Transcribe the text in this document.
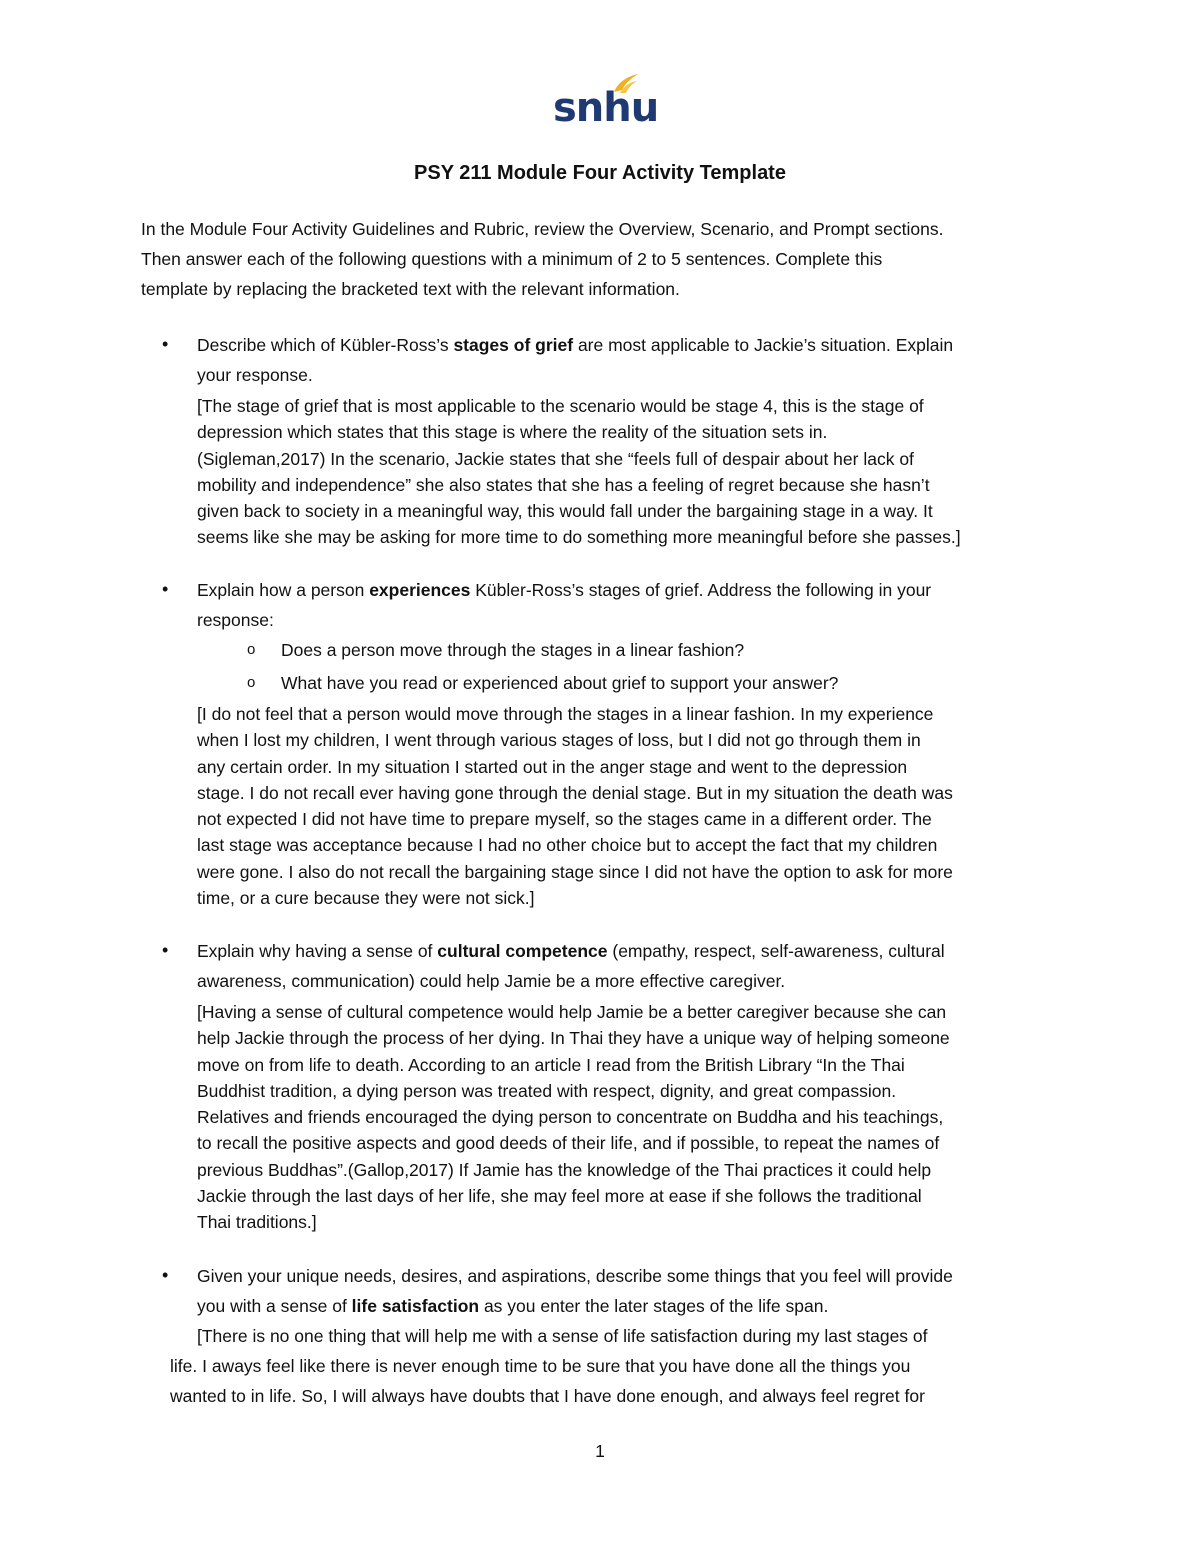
snhu
PSY 211 Module Four Activity Template
In the Module Four Activity Guidelines and Rubric, review the Overview, Scenario, and Prompt sections.
Then answer each of the following questions with a minimum of 2 to 5 sentences. Complete this
template by replacing the bracketed text with the relevant information.
• Describe which of Kübler-Ross’s stages of grief are most applicable to Jackie’s situation. Explain
your response.
[The stage of grief that is most applicable to the scenario would be stage 4, this is the stage of
depression which states that this stage is where the reality of the situation sets in.
(Sigleman,2017) In the scenario, Jackie states that she “feels full of despair about her lack of
mobility and independence” she also states that she has a feeling of regret because she hasn’t
given back to society in a meaningful way, this would fall under the bargaining stage in a way. It
seems like she may be asking for more time to do something more meaningful before she passes.]
• Explain how a person experiences Kübler-Ross’s stages of grief. Address the following in your
response:
o Does a person move through the stages in a linear fashion?
o What have you read or experienced about grief to support your answer?
[I do not feel that a person would move through the stages in a linear fashion. In my experience
when I lost my children, I went through various stages of loss, but I did not go through them in
any certain order. In my situation I started out in the anger stage and went to the depression
stage. I do not recall ever having gone through the denial stage. But in my situation the death was
not expected I did not have time to prepare myself, so the stages came in a different order. The
last stage was acceptance because I had no other choice but to accept the fact that my children
were gone. I also do not recall the bargaining stage since I did not have the option to ask for more
time, or a cure because they were not sick.]
• Explain why having a sense of cultural competence (empathy, respect, self-awareness, cultural
awareness, communication) could help Jamie be a more effective caregiver.
[Having a sense of cultural competence would help Jamie be a better caregiver because she can
help Jackie through the process of her dying. In Thai they have a unique way of helping someone
move on from life to death. According to an article I read from the British Library “In the Thai
Buddhist tradition, a dying person was treated with respect, dignity, and great compassion.
Relatives and friends encouraged the dying person to concentrate on Buddha and his teachings,
to recall the positive aspects and good deeds of their life, and if possible, to repeat the names of
previous Buddhas”.(Gallop,2017) If Jamie has the knowledge of the Thai practices it could help
Jackie through the last days of her life, she may feel more at ease if she follows the traditional
Thai traditions.]
• Given your unique needs, desires, and aspirations, describe some things that you feel will provide
you with a sense of life satisfaction as you enter the later stages of the life span.
[There is no one thing that will help me with a sense of life satisfaction during my last stages of
life. I aways feel like there is never enough time to be sure that you have done all the things you
wanted to in life. So, I will always have doubts that I have done enough, and always feel regret for
1
